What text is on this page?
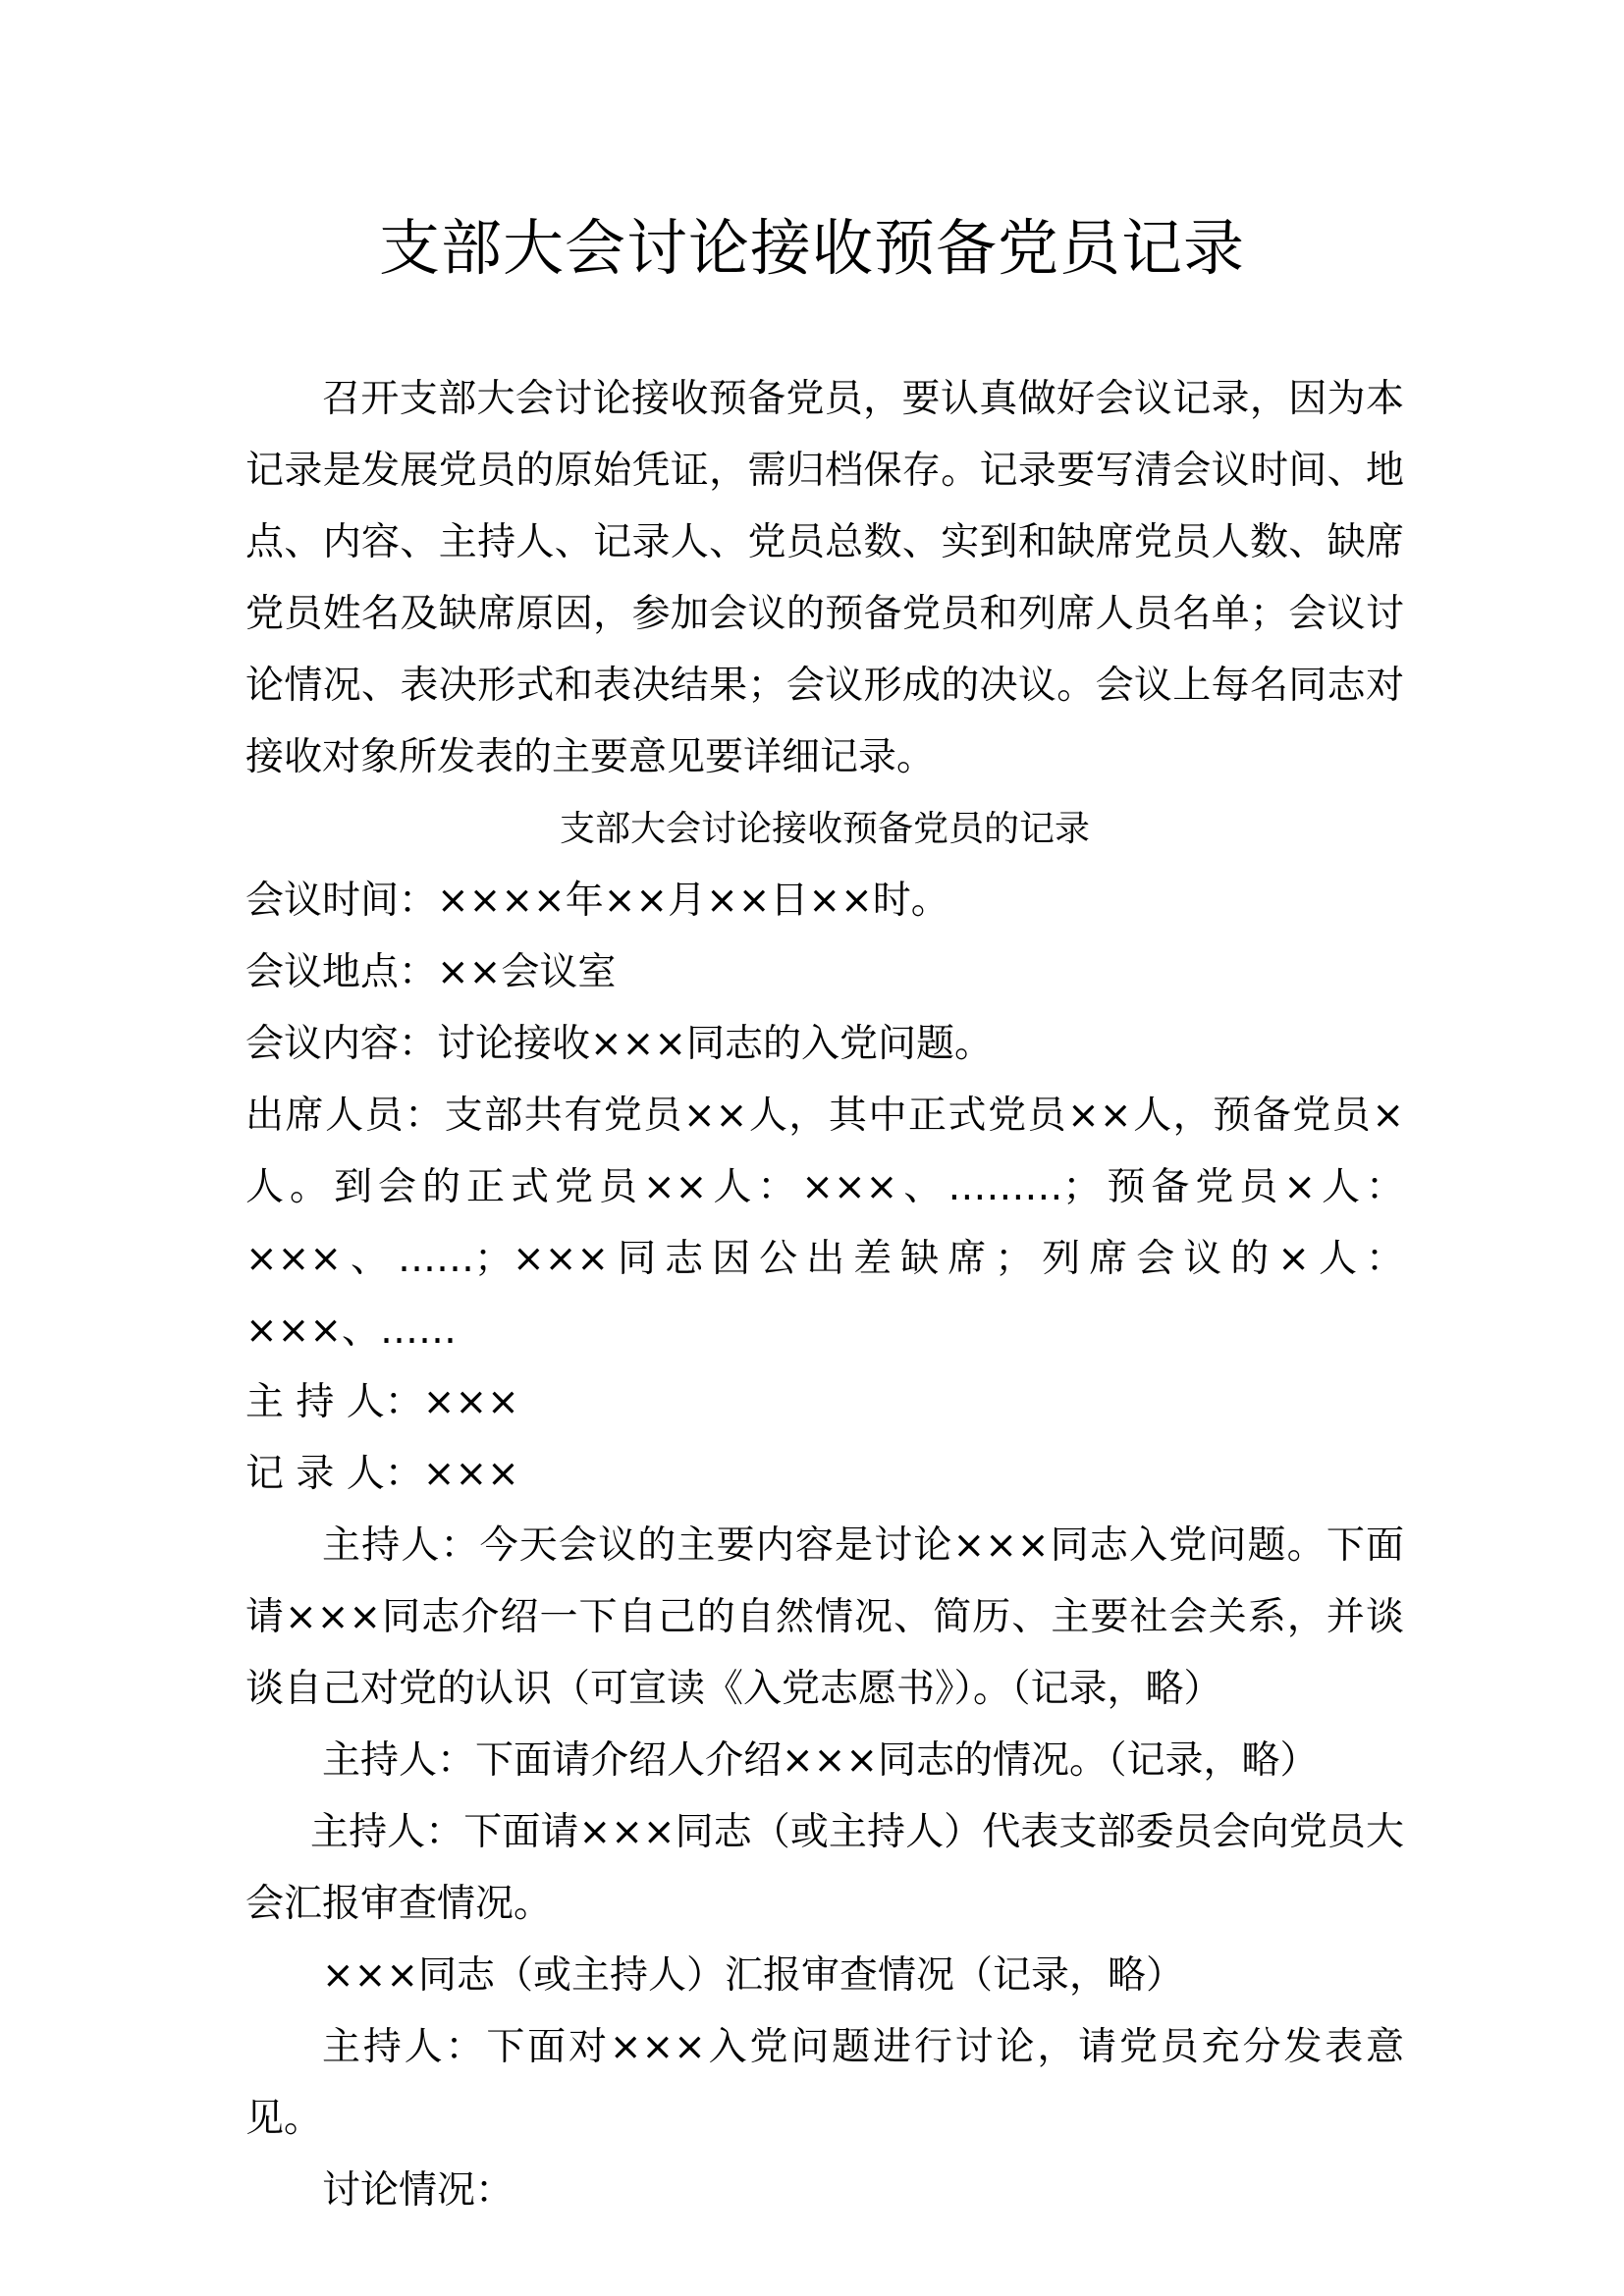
支部大会讨论接收预备党员记录

召开支部大会讨论接收预备党员，要认真做好会议记录，因为本记录是发展党员的原始凭证，需归档保存。记录要写清会议时间、地点、内容、主持人、记录人、党员总数、实到和缺席党员人数、缺席党员姓名及缺席原因，参加会议的预备党员和列席人员名单；会议讨论情况、表决形式和表决结果；会议形成的决议。会议上每名同志对接收对象所发表的主要意见要详细记录。

支部大会讨论接收预备党员的记录

会议时间：××××年××月××日××时。

会议地点：××会议室

会议内容：讨论接收×××同志的入党问题。

出席人员：支部共有党员××人，其中正式党员××人，预备党员×人。到会的正式党员××人：×××、………；预备党员×人：×××、……；×××同志因公出差缺席；列席会议的×人：×××、……

主 持 人：×××

记 录 人：×××

主持人：今天会议的主要内容是讨论×××同志入党问题。下面请×××同志介绍一下自己的自然情况、简历、主要社会关系，并谈谈自己对党的认识（可宣读《入党志愿书》）。（记录，略）

主持人：下面请介绍人介绍×××同志的情况。（记录，略）

主持人：下面请×××同志（或主持人）代表支部委员会向党员大会汇报审查情况。

×××同志（或主持人）汇报审查情况（记录，略）

主持人：下面对×××入党问题进行讨论，请党员充分发表意见。

讨论情况：
